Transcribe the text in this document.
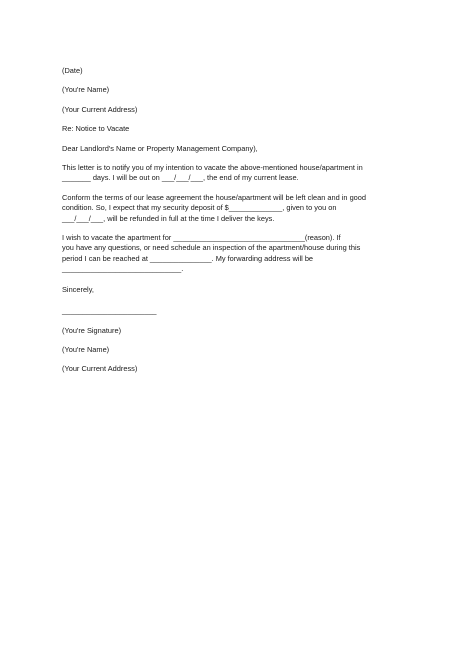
(Date)

(You're Name)

(Your Current Address)

Re: Notice to Vacate

Dear Landlord's Name or Property Management Company),

This letter is to notify you of my intention to vacate the above-mentioned house/apartment in
_______ days. I will be out on ___/___/___, the end of my current lease.
Conform the terms of our lease agreement the house/apartment will be left clean and in good
condition. So, I expect that my security deposit of $_____________, given to you on
___/___/___, will be refunded in full at the time I deliver the keys.
I wish to vacate the apartment for ________________________________(reason). If
you have any questions, or need schedule an inspection of the apartment/house during this
period I can be reached at _______________. My forwarding address will be
_____________________________.

Sincerely,

_______________________

(You're Signature)

(You're Name)

(Your Current Address)
